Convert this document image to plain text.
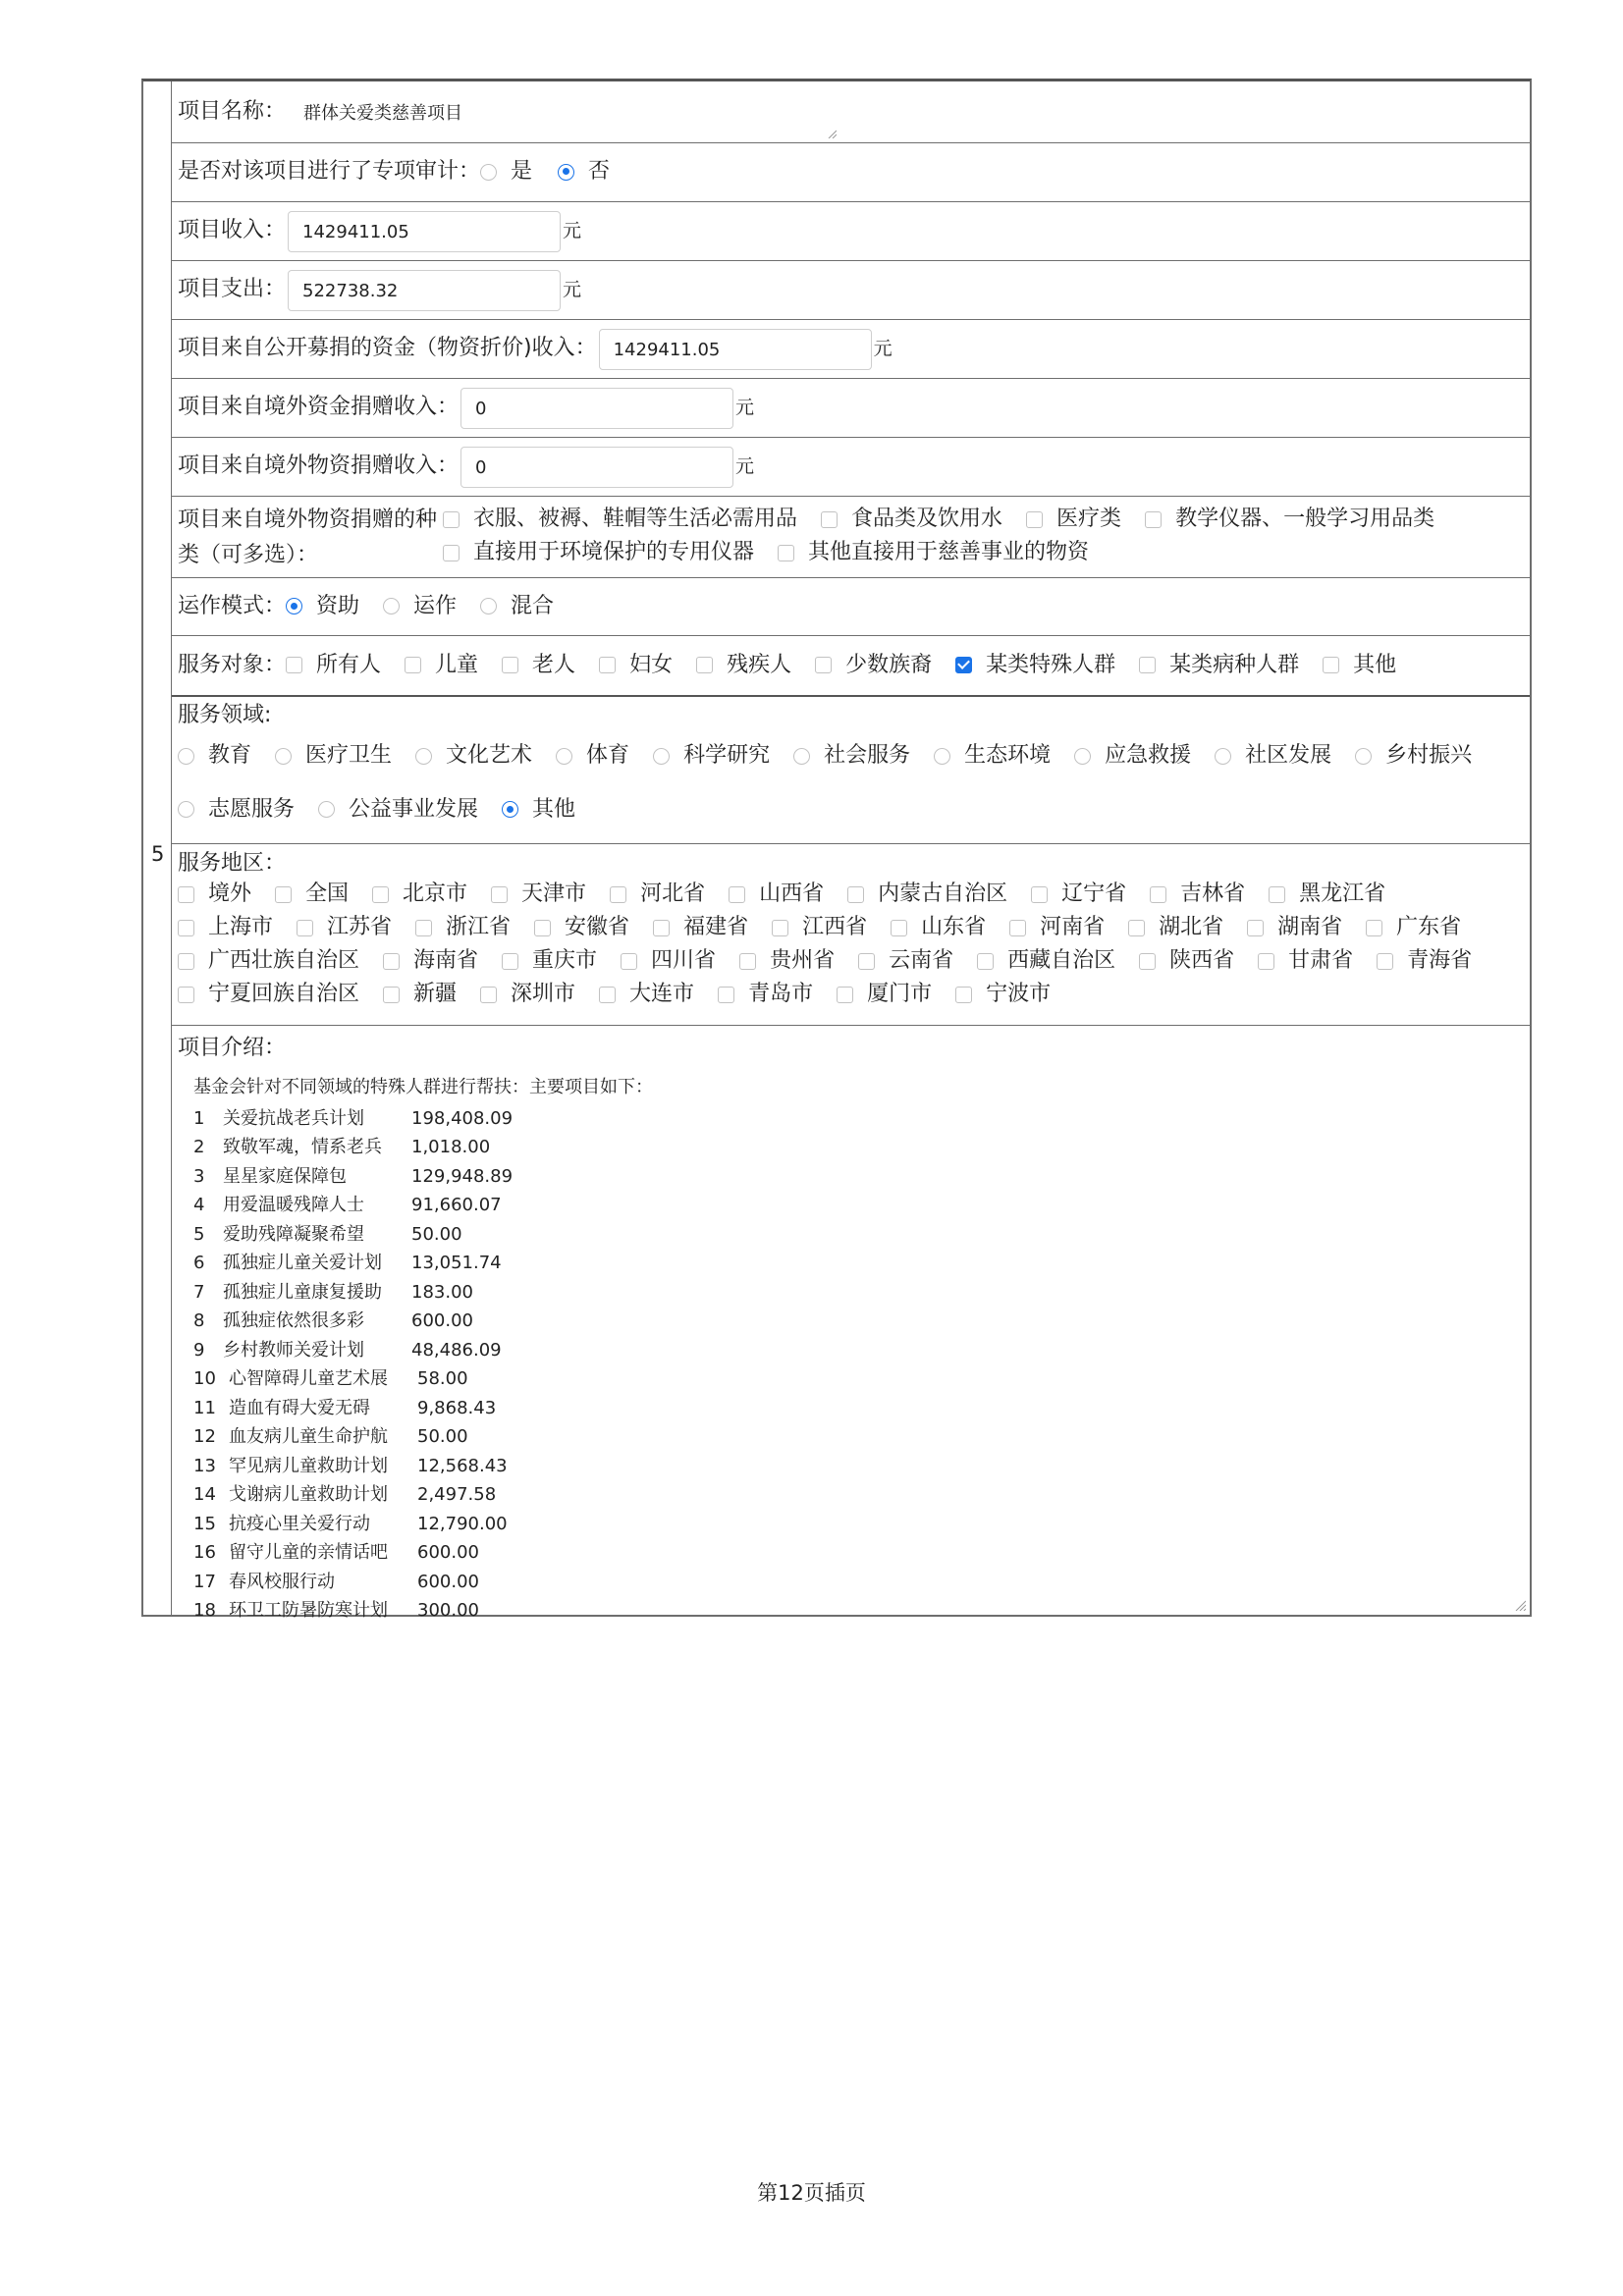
5
项目名称： 群体关爱类慈善项目
是否对该项目进行了专项审计： 是	否
项目收入： 1429411.05	元
项目支出： 522738.32	元
项目来自公开募捐的资金（物资折价)收入： 1429411.05	元
项目来自境外资金捐赠收入： 0	元
项目来自境外物资捐赠收入： 0	元
项目来自境外物资捐赠的种
类（可多选）：
衣服、被褥、鞋帽等生活必需用品	食品类及饮用水	医疗类	教学仪器、一般学习用品类
直接用于环境保护的专用仪器	其他直接用于慈善事业的物资
运作模式： 资助	运作	混合
服务对象： 所有人	儿童	老人	妇女	残疾人	少数族裔	某类特殊人群	某类病种人群	其他
服务领域:
教育	医疗卫生	文化艺术	体育	科学研究	社会服务	生态环境	应急救援	社区发展	乡村振兴
志愿服务	公益事业发展	其他
服务地区：
境外	全国	北京市	天津市	河北省	山西省	内蒙古自治区	辽宁省	吉林省	黑龙江省
上海市	江苏省	浙江省	安徽省	福建省	江西省	山东省	河南省	湖北省	湖南省	广东省
广西壮族自治区	海南省	重庆市	四川省	贵州省	云南省	西藏自治区	陕西省	甘肃省	青海省
宁夏回族自治区	新疆	深圳市	大连市	青岛市	厦门市	宁波市
项目介绍：
基金会针对不同领域的特殊人群进行帮扶：主要项目如下：
1	关爱抗战老兵计划	198,408.09
2	致敬军魂，情系老兵	1,018.00
3	星星家庭保障包	129,948.89
4	用爱温暖残障人士	91,660.07
5	爱助残障凝聚希望	50.00
6	孤独症儿童关爱计划	13,051.74
7	孤独症儿童康复援助	183.00
8	孤独症依然很多彩	600.00
9	乡村教师关爱计划	48,486.09
10 心智障碍儿童艺术展	58.00
11 造血有碍大爱无碍	9,868.43
12 血友病儿童生命护航	50.00
13 罕见病儿童救助计划	12,568.43
14 戈谢病儿童救助计划	2,497.58
15 抗疫心里关爱行动	12,790.00
16 留守儿童的亲情话吧	600.00
17 春风校服行动	600.00
18 环卫工防暑防寒计划	300.00
第12页插页
